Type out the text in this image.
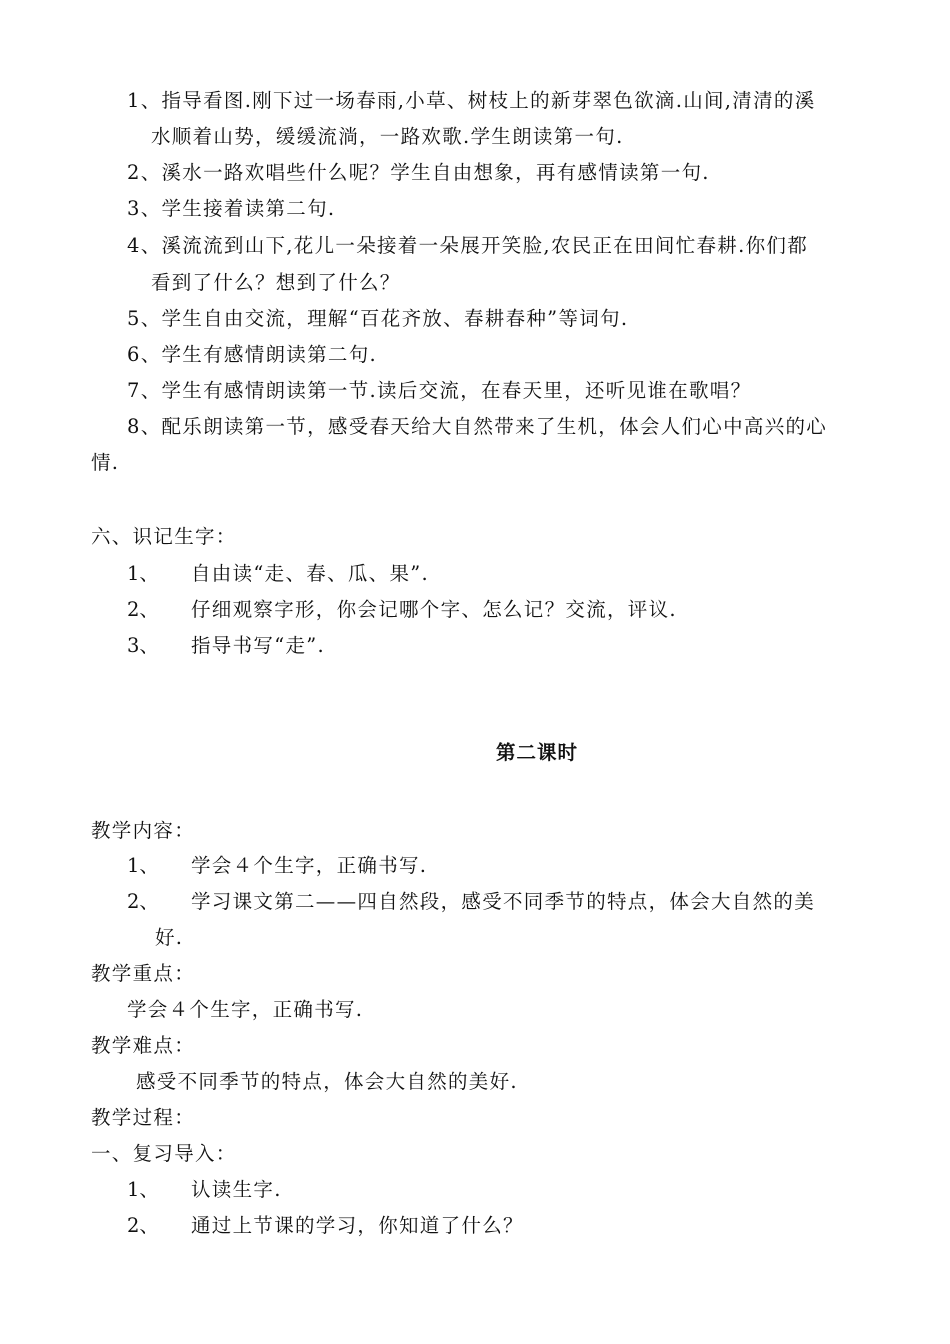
1、指导看图.刚下过一场春雨,小草、树枝上的新芽翠色欲滴.山间,清清的溪
水顺着山势，缓缓流淌，一路欢歌.学生朗读第一句.
2、溪水一路欢唱些什么呢？学生自由想象，再有感情读第一句.
3、学生接着读第二句.
4、溪流流到山下,花儿一朵接着一朵展开笑脸,农民正在田间忙春耕.你们都
看到了什么？想到了什么？
5、学生自由交流，理解“百花齐放、春耕春种”等词句.
6、学生有感情朗读第二句.
7、学生有感情朗读第一节.读后交流，在春天里，还听见谁在歌唱？
8、配乐朗读第一节，感受春天给大自然带来了生机，体会人们心中高兴的心
情.
六、识记生字：
1、 自由读“走、春、瓜、果”.
2、 仔细观察字形，你会记哪个字、怎么记？交流，评议.
3、 指导书写“走”.
第二课时
教学内容：
1、 学会４个生字，正确书写.
2、 学习课文第二——四自然段，感受不同季节的特点，体会大自然的美
好.
教学重点：
学会４个生字，正确书写.
教学难点：
感受不同季节的特点，体会大自然的美好.
教学过程：
一、复习导入：
1、 认读生字.
2、 通过上节课的学习，你知道了什么？
